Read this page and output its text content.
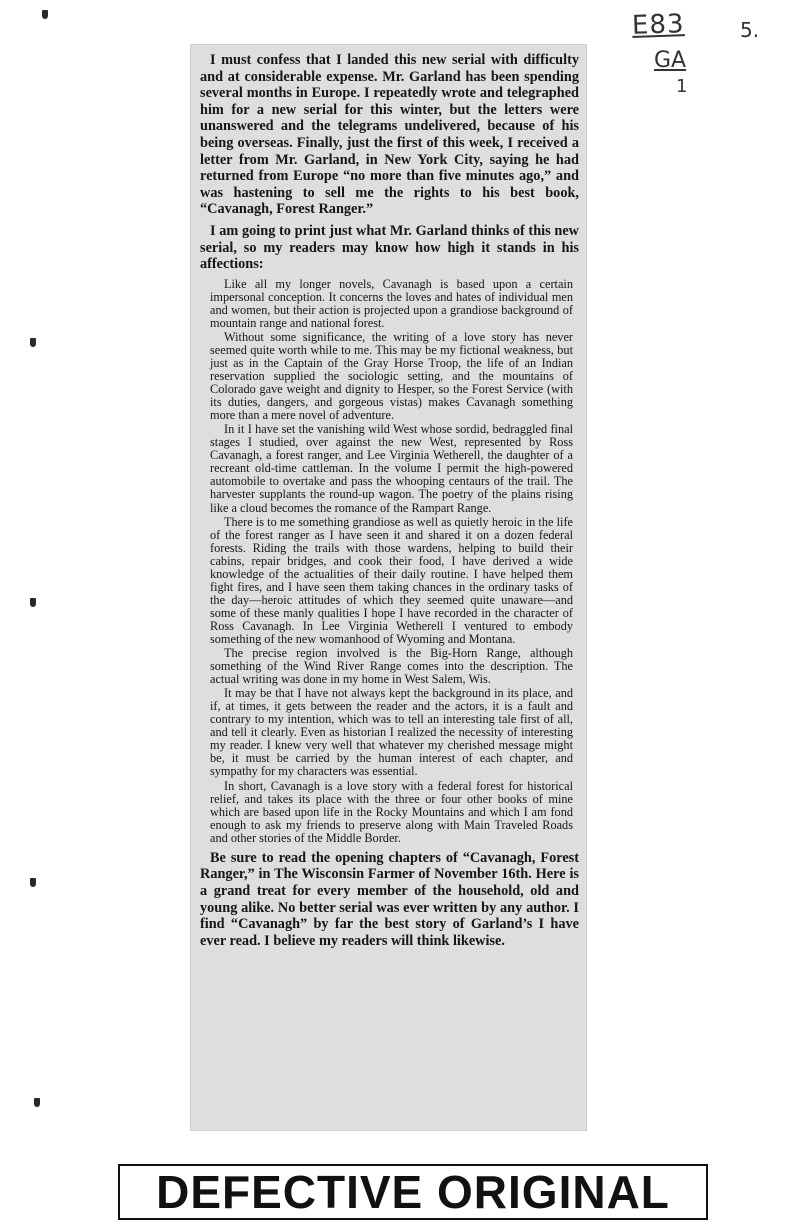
E83	5.
GA
1

I must confess that I landed this new serial with difficulty and at considerable expense. Mr. Garland has been spending several months in Europe. I repeatedly wrote and telegraphed him for a new serial for this winter, but the letters were unanswered and the telegrams undelivered, because of his being overseas. Finally, just the first of this week, I received a letter from Mr. Garland, in New York City, saying he had returned from Europe “no more than five minutes ago,” and was hastening to sell me the rights to his best book, “Cavanagh, Forest Ranger.”

I am going to print just what Mr. Garland thinks of this new serial, so my readers may know how high it stands in his affections:

Like all my longer novels, Cavanagh is based upon a certain impersonal conception. It concerns the loves and hates of individual men and women, but their action is projected upon a grandiose background of mountain range and national forest.

Without some significance, the writing of a love story has never seemed quite worth while to me. This may be my fictional weakness, but just as in the Captain of the Gray Horse Troop, the life of an Indian reservation supplied the sociologic setting, and the mountains of Colorado gave weight and dignity to Hesper, so the Forest Service (with its duties, dangers, and gorgeous vistas) makes Cavanagh something more than a mere novel of adventure.

In it I have set the vanishing wild West whose sordid, bedraggled final stages I studied, over against the new West, represented by Ross Cavanagh, a forest ranger, and Lee Virginia Wetherell, the daughter of a recreant old-time cattleman. In the volume I permit the high-powered automobile to overtake and pass the whooping centaurs of the trail. The harvester supplants the round-up wagon. The poetry of the plains rising like a cloud becomes the romance of the Rampart Range.

There is to me something grandiose as well as quietly heroic in the life of the forest ranger as I have seen it and shared it on a dozen federal forests. Riding the trails with those wardens, helping to build their cabins, repair bridges, and cook their food, I have derived a wide knowledge of the actualities of their daily routine. I have helped them fight fires, and I have seen them taking chances in the ordinary tasks of the day—heroic attitudes of which they seemed quite unaware—and some of these manly qualities I hope I have recorded in the character of Ross Cavanagh. In Lee Virginia Wetherell I ventured to embody something of the new womanhood of Wyoming and Montana.

The precise region involved is the Big-Horn Range, although something of the Wind River Range comes into the description. The actual writing was done in my home in West Salem, Wis.

It may be that I have not always kept the background in its place, and if, at times, it gets between the reader and the actors, it is a fault and contrary to my intention, which was to tell an interesting tale first of all, and tell it clearly. Even as historian I realized the necessity of interesting my reader. I knew very well that whatever my cherished message might be, it must be carried by the human interest of each chapter, and sympathy for my characters was essential.

In short, Cavanagh is a love story with a federal forest for historical relief, and takes its place with the three or four other books of mine which are based upon life in the Rocky Mountains and which I am fond enough to ask my friends to preserve along with Main Traveled Roads and other stories of the Middle Border.

Be sure to read the opening chapters of “Cavanagh, Forest Ranger,” in The Wisconsin Farmer of November 16th. Here is a grand treat for every member of the household, old and young alike. No better serial was ever written by any author. I find “Cavanagh” by far the best story of Garland’s I have ever read. I believe my readers will think likewise.

DEFECTIVE ORIGINAL
